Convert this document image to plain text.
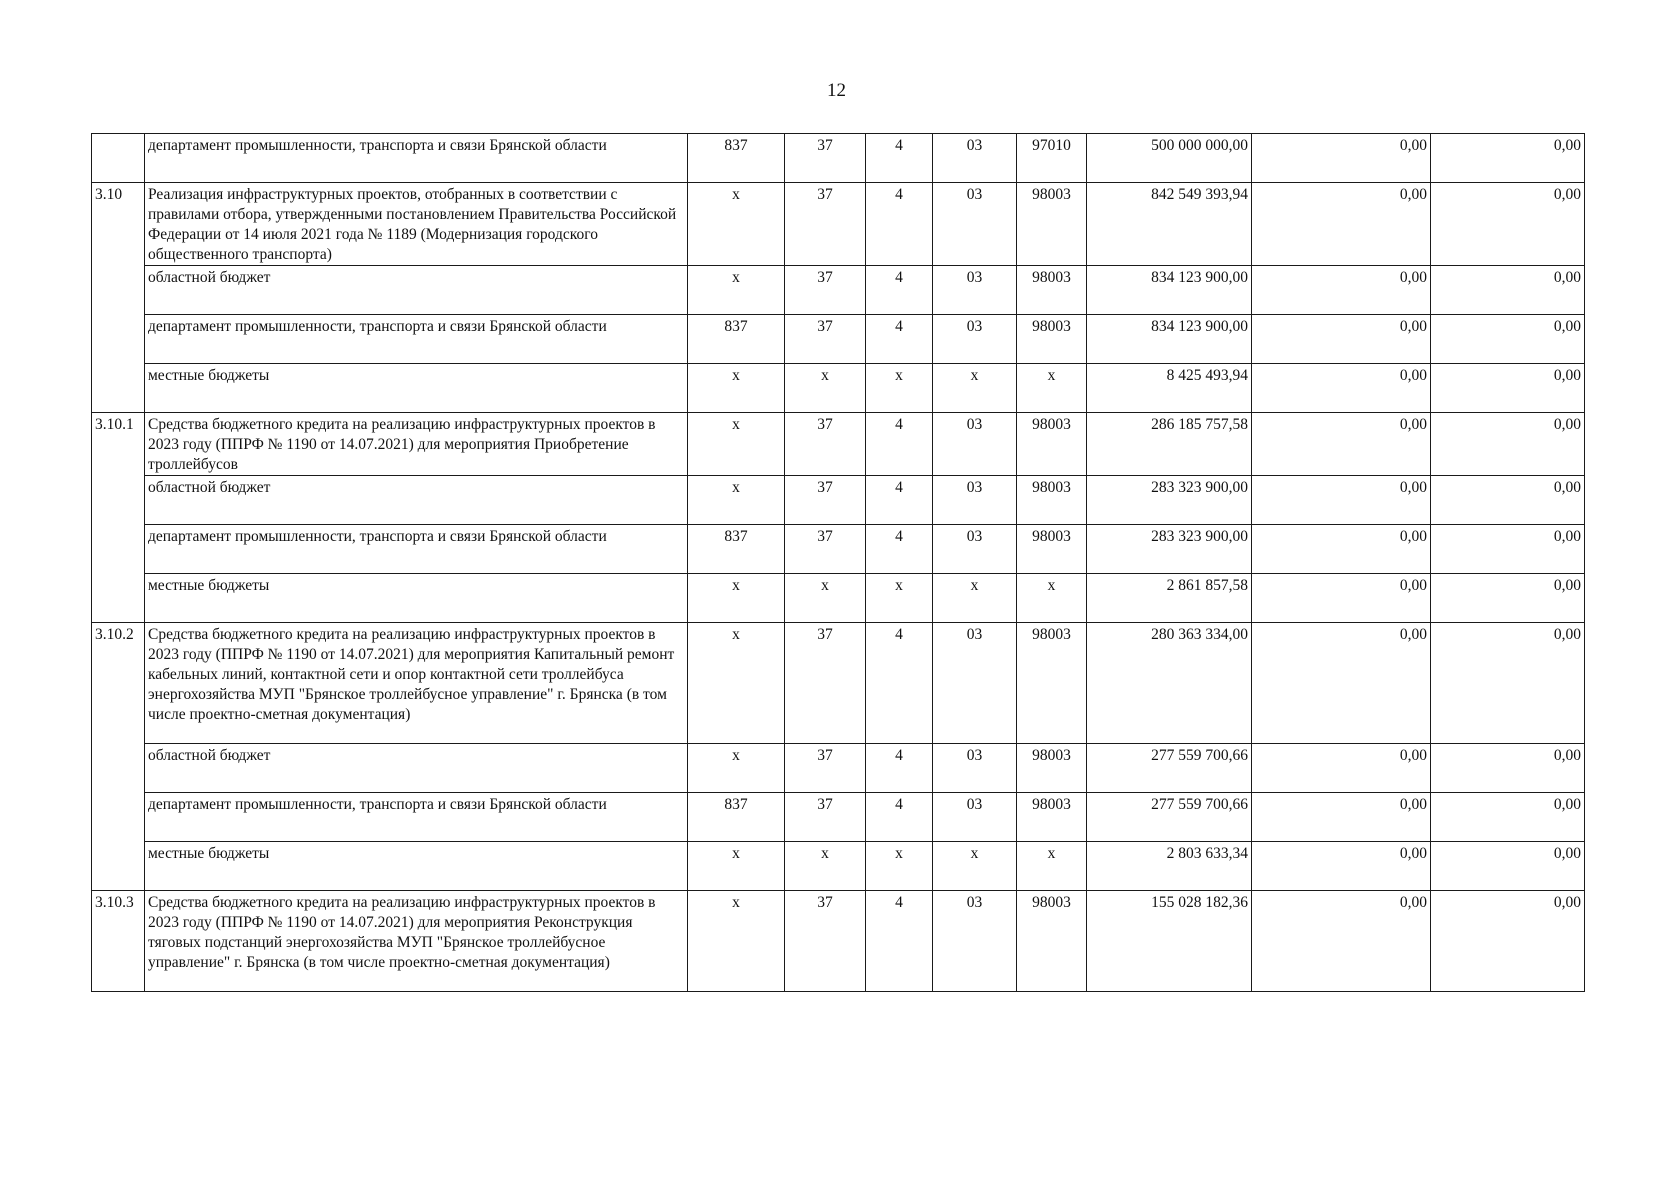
12
	департамент промышленности, транспорта и связи Брянской области	837	37	4	03	97010	500 000 000,00	0,00	0,00
3.10	Реализация инфраструктурных проектов, отобранных в соответствии с правилами отбора, утвержденными постановлением Правительства Российской Федерации от 14 июля 2021 года № 1189 (Модернизация городского общественного транспорта)	x	37	4	03	98003	842 549 393,94	0,00	0,00
	областной бюджет	x	37	4	03	98003	834 123 900,00	0,00	0,00
	департамент промышленности, транспорта и связи Брянской области	837	37	4	03	98003	834 123 900,00	0,00	0,00
	местные бюджеты	x	x	x	x	x	8 425 493,94	0,00	0,00
3.10.1	Средства бюджетного кредита на реализацию инфраструктурных проектов в 2023 году (ППРФ № 1190 от 14.07.2021) для мероприятия Приобретение троллейбусов	x	37	4	03	98003	286 185 757,58	0,00	0,00
	областной бюджет	x	37	4	03	98003	283 323 900,00	0,00	0,00
	департамент промышленности, транспорта и связи Брянской области	837	37	4	03	98003	283 323 900,00	0,00	0,00
	местные бюджеты	x	x	x	x	x	2 861 857,58	0,00	0,00
3.10.2	Средства бюджетного кредита на реализацию инфраструктурных проектов в 2023 году (ППРФ № 1190 от 14.07.2021) для мероприятия Капитальный ремонт кабельных линий, контактной сети и опор контактной сети троллейбуса энергохозяйства МУП "Брянское троллейбусное управление" г. Брянска (в том числе проектно-сметная документация)	x	37	4	03	98003	280 363 334,00	0,00	0,00
	областной бюджет	x	37	4	03	98003	277 559 700,66	0,00	0,00
	департамент промышленности, транспорта и связи Брянской области	837	37	4	03	98003	277 559 700,66	0,00	0,00
	местные бюджеты	x	x	x	x	x	2 803 633,34	0,00	0,00
3.10.3	Средства бюджетного кредита на реализацию инфраструктурных проектов в 2023 году (ППРФ № 1190 от 14.07.2021) для мероприятия Реконструкция тяговых подстанций энергохозяйства МУП "Брянское троллейбусное управление" г. Брянска (в том числе проектно-сметная документация)	x	37	4	03	98003	155 028 182,36	0,00	0,00
